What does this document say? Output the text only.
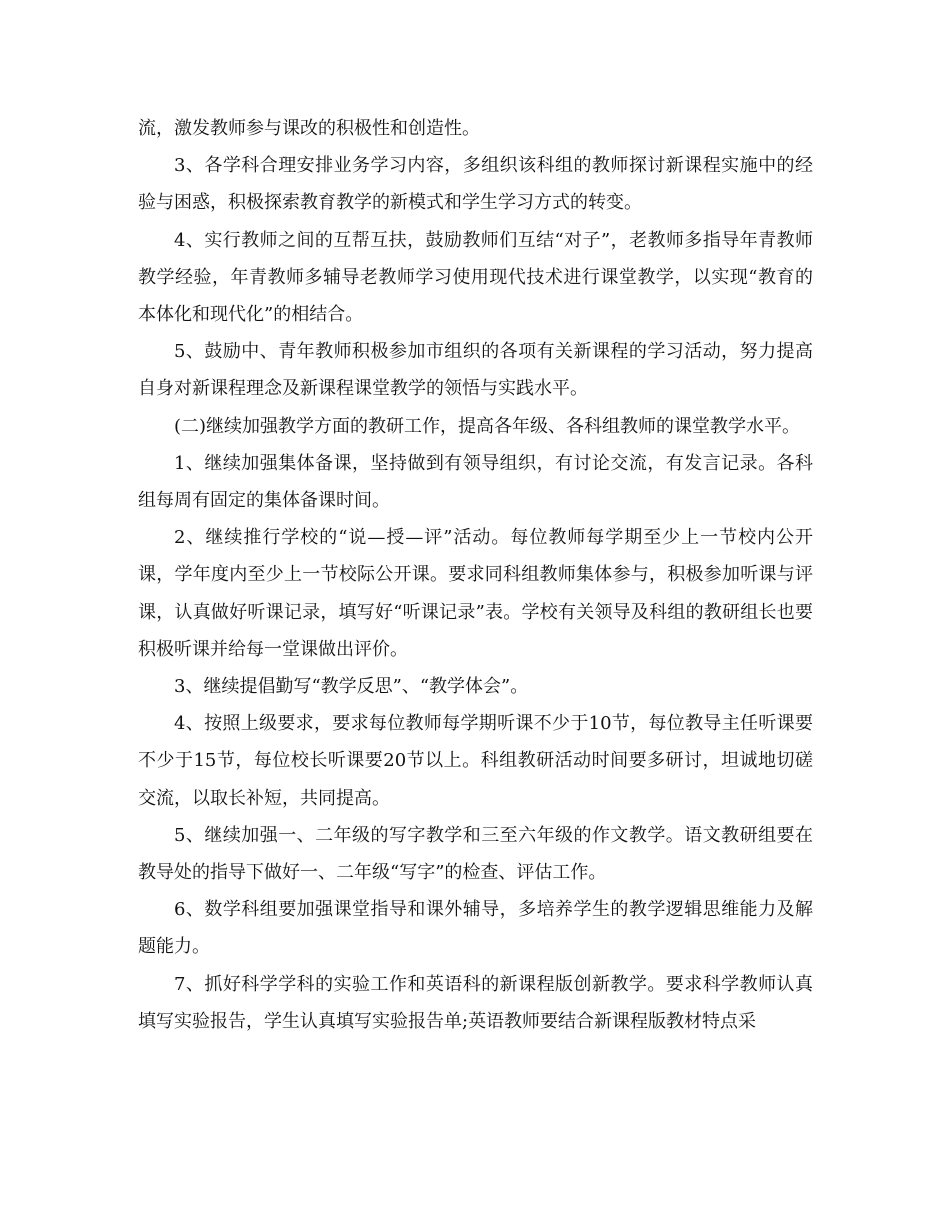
流，激发教师参与课改的积极性和创造性。

3、各学科合理安排业务学习内容，多组织该科组的教师探讨新课程实施中的经验与困惑，积极探索教育教学的新模式和学生学习方式的转变。

4、实行教师之间的互帮互扶，鼓励教师们互结“对子”，老教师多指导年青教师教学经验，年青教师多辅导老教师学习使用现代技术进行课堂教学，以实现“教育的本体化和现代化”的相结合。

5、鼓励中、青年教师积极参加市组织的各项有关新课程的学习活动，努力提高自身对新课程理念及新课程课堂教学的领悟与实践水平。

(二)继续加强教学方面的教研工作，提高各年级、各科组教师的课堂教学水平。

1、继续加强集体备课，坚持做到有领导组织，有讨论交流，有发言记录。各科组每周有固定的集体备课时间。

2、继续推行学校的“说—授—评”活动。每位教师每学期至少上一节校内公开课，学年度内至少上一节校际公开课。要求同科组教师集体参与，积极参加听课与评课，认真做好听课记录，填写好“听课记录”表。学校有关领导及科组的教研组长也要积极听课并给每一堂课做出评价。

3、继续提倡勤写“教学反思”、“教学体会”。

4、按照上级要求，要求每位教师每学期听课不少于10节，每位教导主任听课要不少于15节，每位校长听课要20节以上。科组教研活动时间要多研讨，坦诚地切磋交流，以取长补短，共同提高。

5、继续加强一、二年级的写字教学和三至六年级的作文教学。语文教研组要在教导处的指导下做好一、二年级“写字”的检查、评估工作。

6、数学科组要加强课堂指导和课外辅导，多培养学生的教学逻辑思维能力及解题能力。

7、抓好科学学科的实验工作和英语科的新课程版创新教学。要求科学教师认真填写实验报告，学生认真填写实验报告单;英语教师要结合新课程版教材特点采
